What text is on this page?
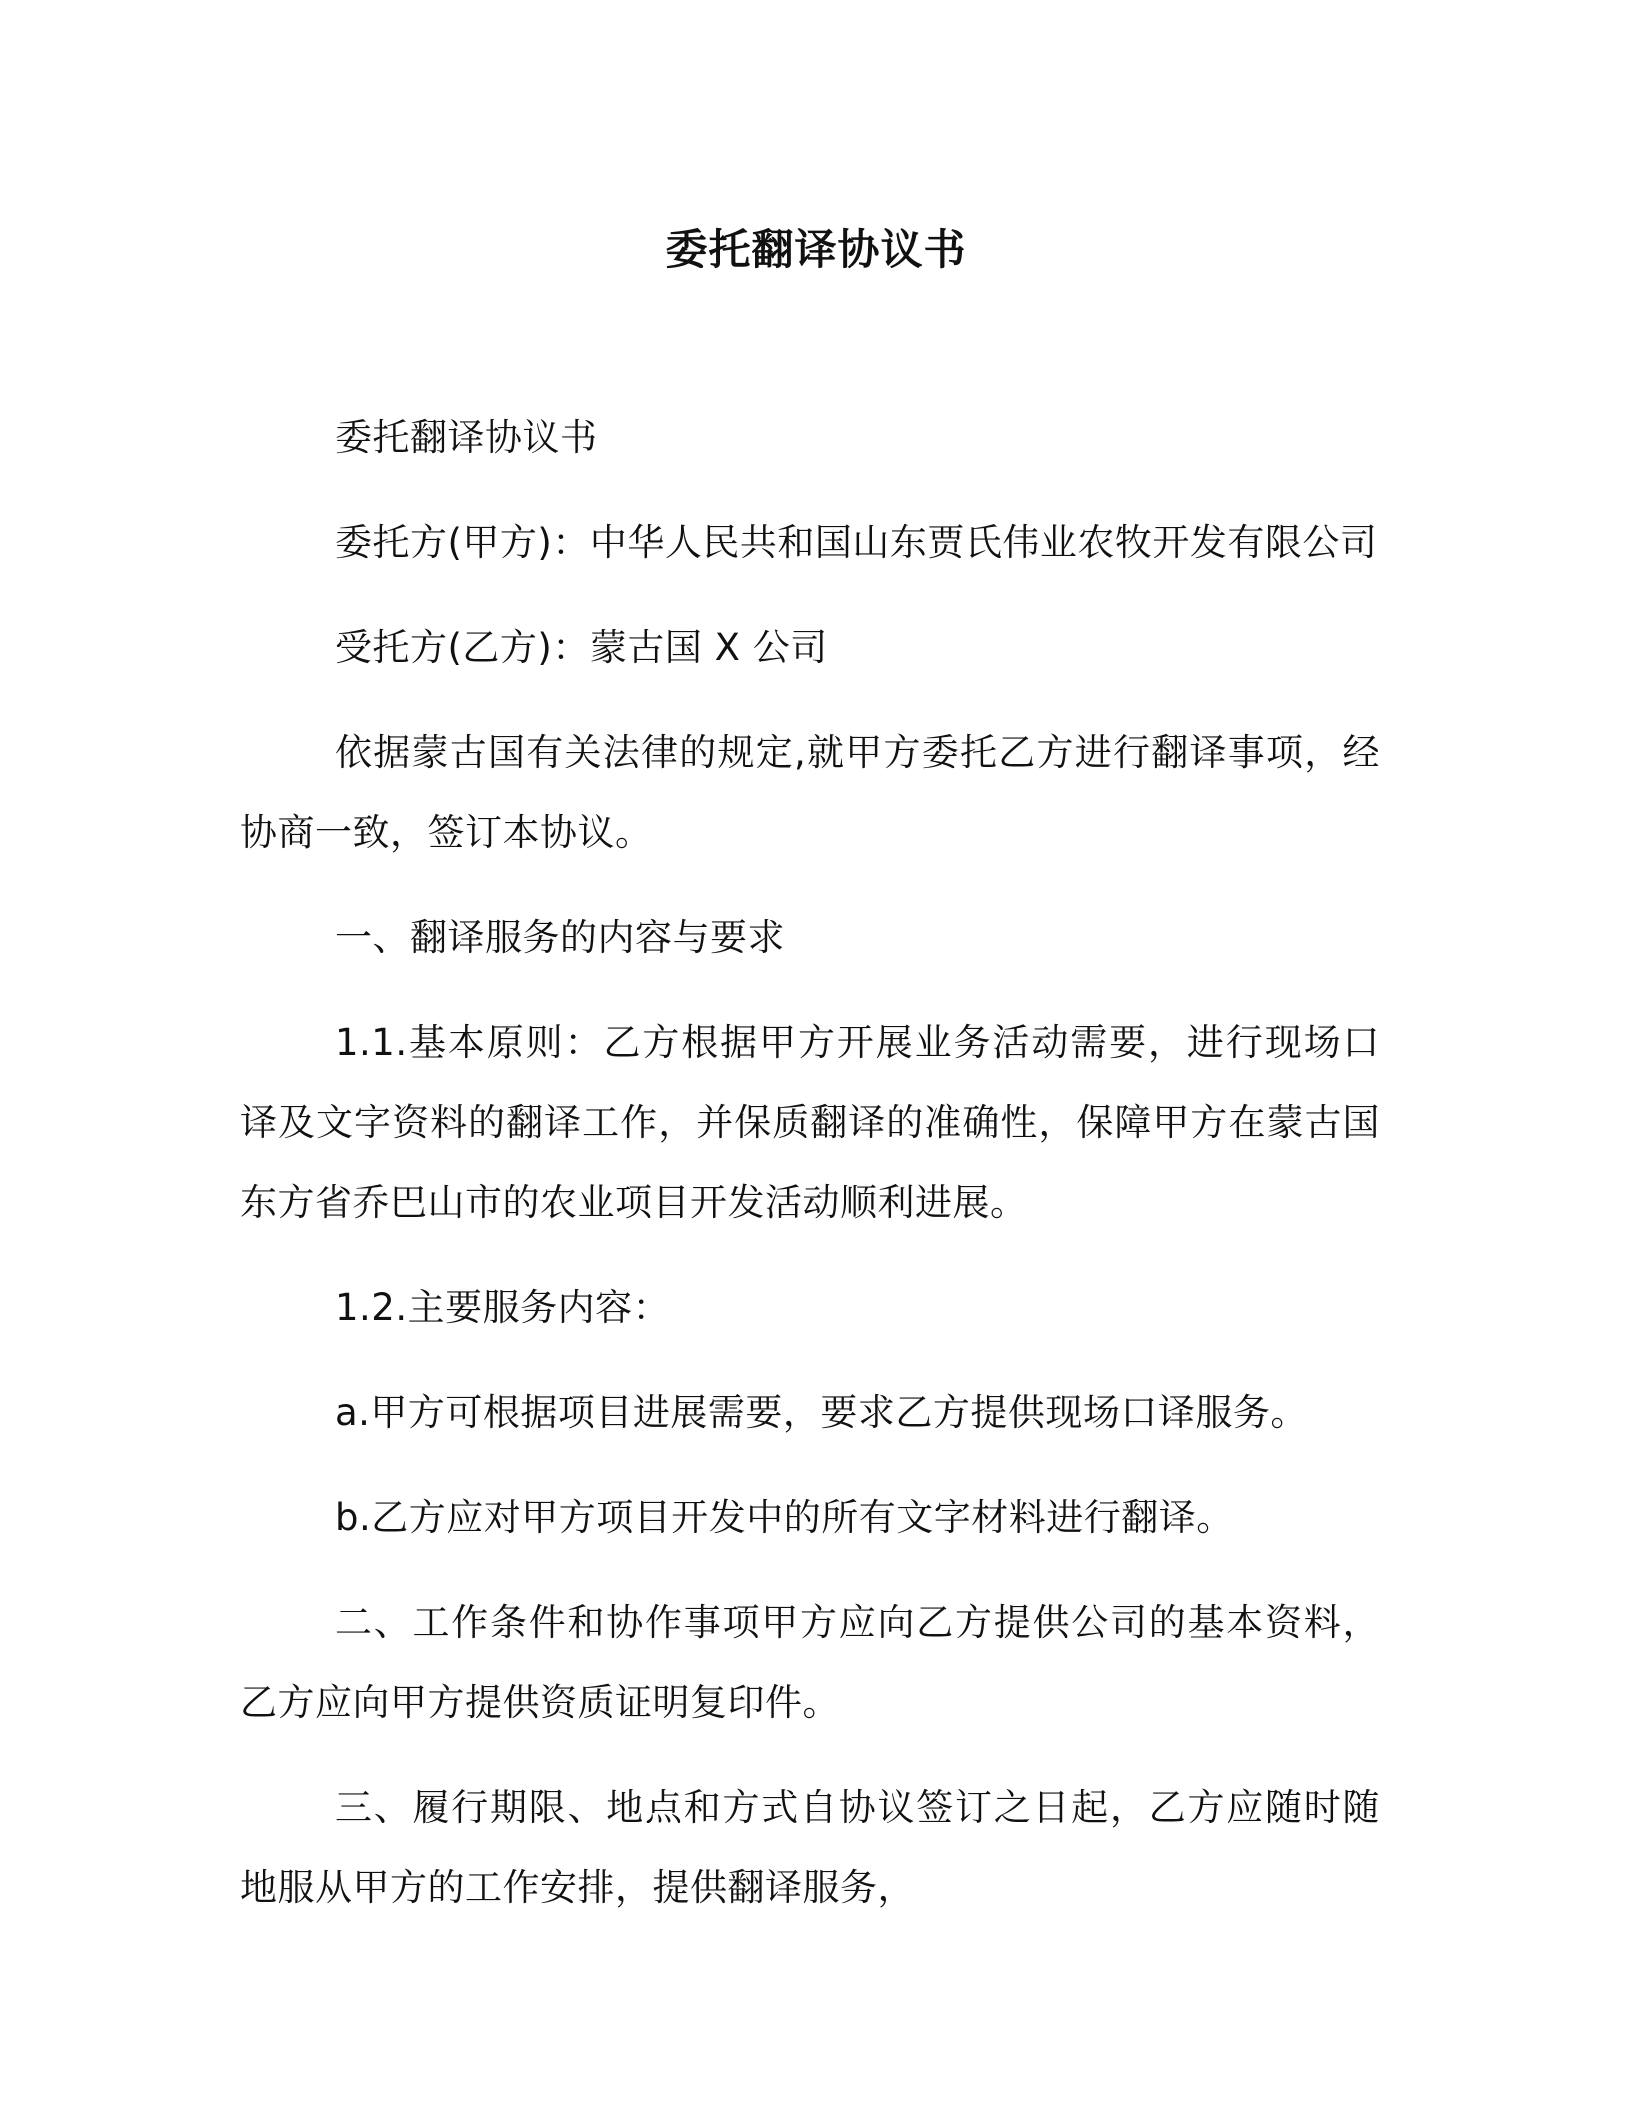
委托翻译协议书

委托翻译协议书

委托方(甲方)：中华人民共和国山东贾氏伟业农牧开发有限公司

受托方(乙方)：蒙古国 X 公司

依据蒙古国有关法律的规定,就甲方委托乙方进行翻译事项，经协商一致，签订本协议。

一、翻译服务的内容与要求

1.1.基本原则：乙方根据甲方开展业务活动需要，进行现场口译及文字资料的翻译工作，并保质翻译的准确性，保障甲方在蒙古国东方省乔巴山市的农业项目开发活动顺利进展。

1.2.主要服务内容：

a.甲方可根据项目进展需要，要求乙方提供现场口译服务。

b.乙方应对甲方项目开发中的所有文字材料进行翻译。

二、工作条件和协作事项甲方应向乙方提供公司的基本资料，乙方应向甲方提供资质证明复印件。

三、履行期限、地点和方式自协议签订之日起，乙方应随时随地服从甲方的工作安排，提供翻译服务，
